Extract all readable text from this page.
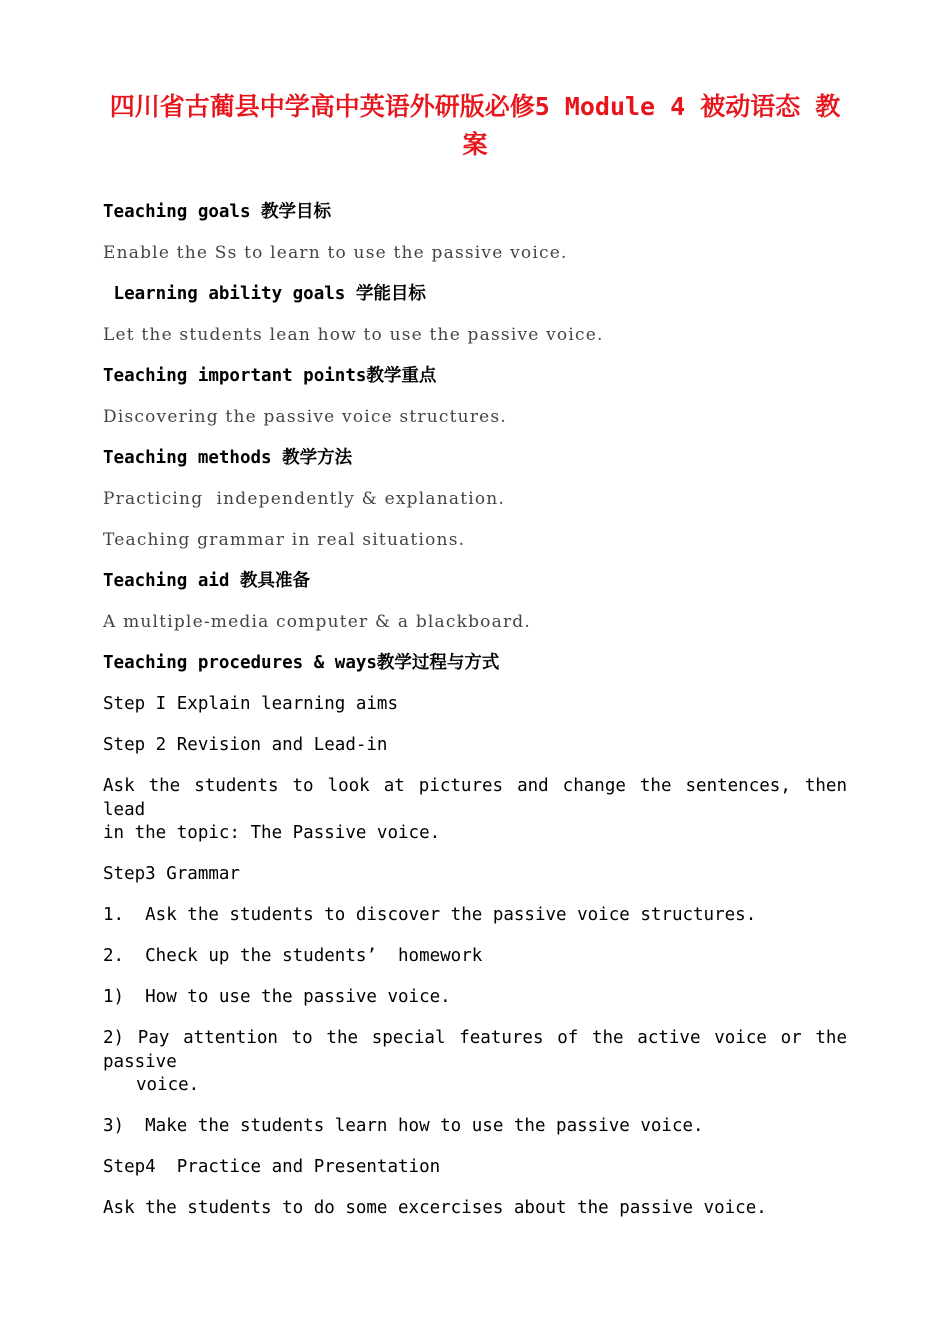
四川省古蔺县中学高中英语外研版必修5 Module 4 被动语态 教案
Teaching goals 教学目标
Enable the Ss to learn to use the passive voice.
Learning ability goals 学能目标
Let the students lean how to use the passive voice.
Teaching important points教学重点
Discovering the passive voice structures.
Teaching methods 教学方法
Practicing  independently & explanation.
Teaching grammar in real situations.
Teaching aid 教具准备
A multiple-media computer & a blackboard.
Teaching procedures & ways教学过程与方式
Step I Explain learning aims
Step 2 Revision and Lead-in
Ask the students to look at pictures and change the sentences, then lead
in the topic: The Passive voice.
Step3 Grammar
1.  Ask the students to discover the passive voice structures.
2.  Check up the students’  homework
1)  How to use the passive voice.
2) Pay attention to the special features of the active voice or the passive
voice.
3)  Make the students learn how to use the passive voice.
Step4  Practice and Presentation
Ask the students to do some excercises about the passive voice.
